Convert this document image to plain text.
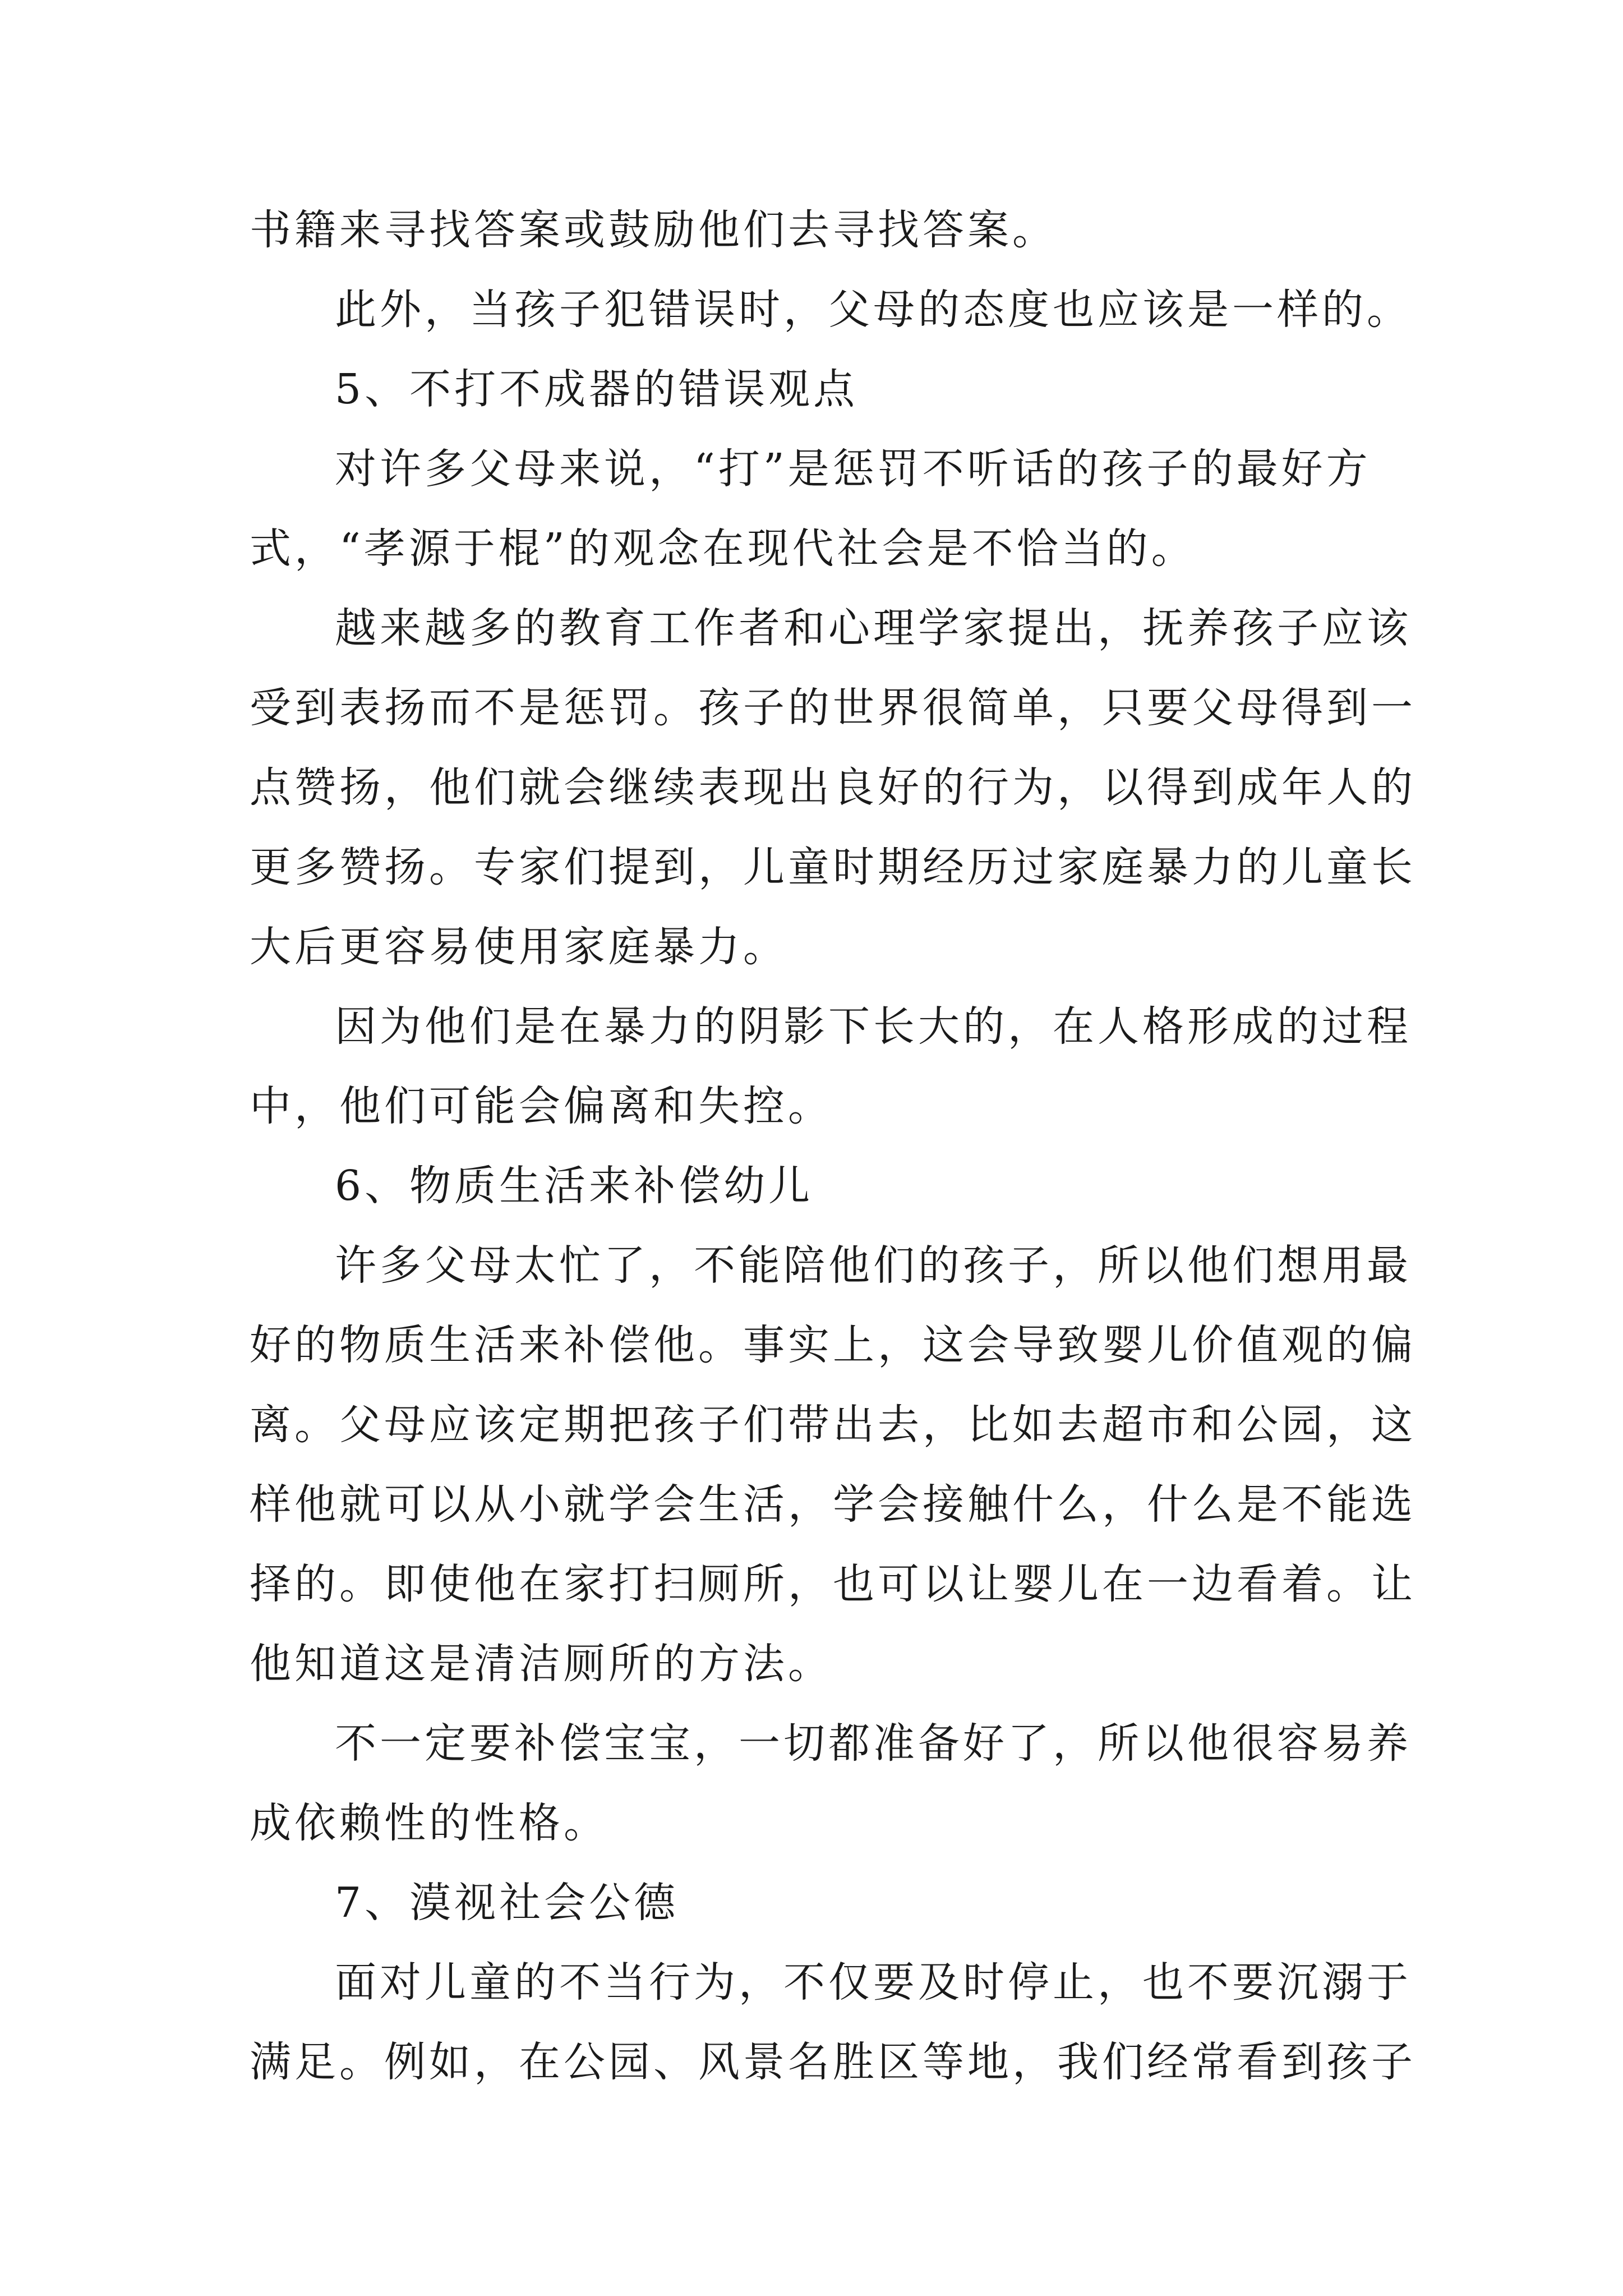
书籍来寻找答案或鼓励他们去寻找答案。
此外，当孩子犯错误时，父母的态度也应该是一样的。
5、不打不成器的错误观点
对许多父母来说，“打”是惩罚不听话的孩子的最好方
式，“孝源于棍”的观念在现代社会是不恰当的。
越来越多的教育工作者和心理学家提出，抚养孩子应该
受到表扬而不是惩罚。孩子的世界很简单，只要父母得到一
点赞扬，他们就会继续表现出良好的行为，以得到成年人的
更多赞扬。专家们提到，儿童时期经历过家庭暴力的儿童长
大后更容易使用家庭暴力。
因为他们是在暴力的阴影下长大的，在人格形成的过程
中，他们可能会偏离和失控。
6、物质生活来补偿幼儿
许多父母太忙了，不能陪他们的孩子，所以他们想用最
好的物质生活来补偿他。事实上，这会导致婴儿价值观的偏
离。父母应该定期把孩子们带出去，比如去超市和公园，这
样他就可以从小就学会生活，学会接触什么，什么是不能选
择的。即使他在家打扫厕所，也可以让婴儿在一边看着。让
他知道这是清洁厕所的方法。
不一定要补偿宝宝，一切都准备好了，所以他很容易养
成依赖性的性格。
7、漠视社会公德
面对儿童的不当行为，不仅要及时停止，也不要沉溺于
满足。例如，在公园、风景名胜区等地，我们经常看到孩子
